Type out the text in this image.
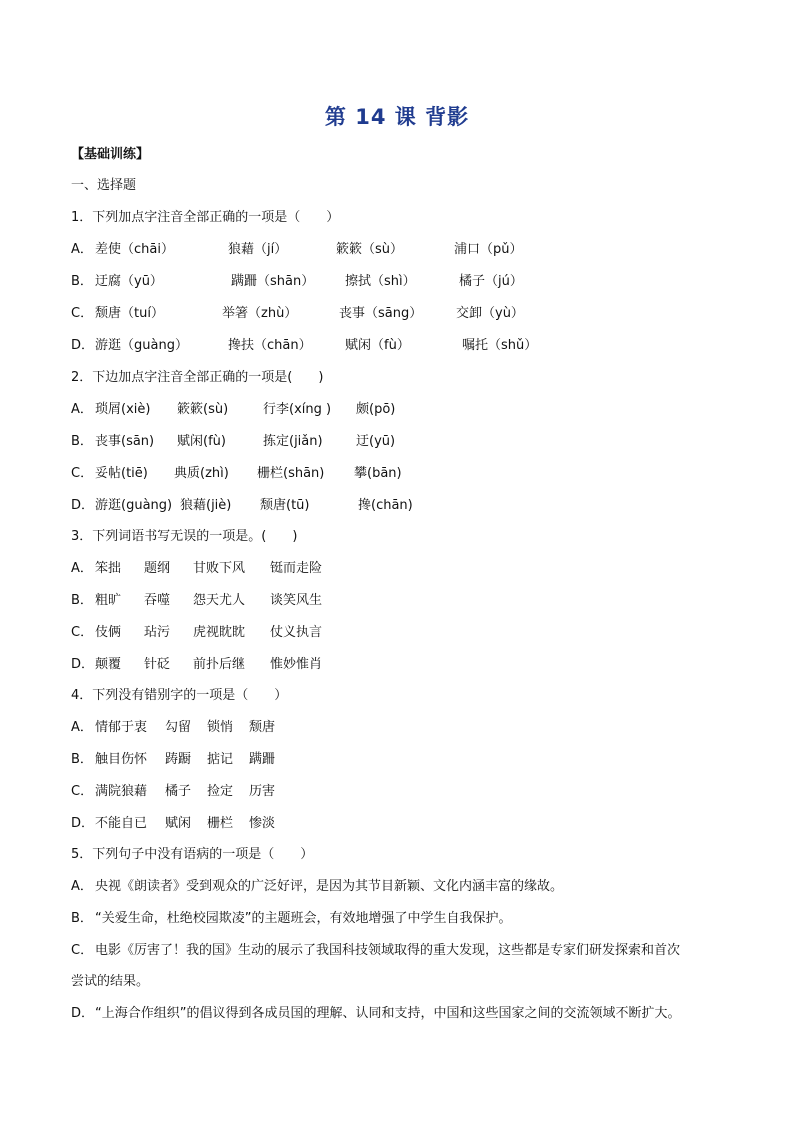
第 14 课 背影
【基础训练】
一、选择题
1．下列加点字注音全部正确的一项是（　　）
A． 差使（chāi）	狼藉（jí）	簌簌（sù）	浦口（pǔ）
B． 迂腐（yū）	蹒跚（shān） 擦拭（shì）	橘子（jú）
C． 颓唐（tuí）	举箸（zhù）	丧事（sāng）	交卸（yù）
D． 游逛（guàng）	搀扶（chān）	赋闲（fù）	嘱托（shǔ）
2．下边加点字注音全部正确的一项是(　　)
A． 琐屑(xiè) 簌簌(sù)	行李(xíng ) 颇(pō)
B． 丧事(sān) 赋闲(fù)	拣定(jiǎn)	迂(yū)
C． 妥帖(tiē) 典质(zhì) 栅栏(shān) 攀(bān)
D． 游逛(guàng) 狼藉(jiè) 颓唐(tū)	搀(chān)
3．下列词语书写无误的一项是。(　　)
A． 笨拙 题纲 甘败下风 铤而走险
B． 粗旷 吞噬 怨天尤人 谈笑风生
C． 伎俩 玷污 虎视眈眈 仗义执言
D． 颠覆 针砭 前扑后继 惟妙惟肖
4．下列没有错别字的一项是（　　）
A． 情郁于衷 勾留 锁悄 颓唐
B． 触目伤怀 踌蹰 掂记 蹒跚
C． 满院狼藉 橘子 捡定 历害
D． 不能自已 赋闲 栅栏 惨淡
5．下列句子中没有语病的一项是（　　）
A． 央视《朗读者》受到观众的广泛好评，是因为其节目新颖、文化内涵丰富的缘故。
B． “关爱生命，杜绝校园欺凌”的主题班会，有效地增强了中学生自我保护。
C． 电影《厉害了！我的国》生动的展示了我国科技领域取得的重大发现，这些都是专家们研发探索和首次
尝试的结果。
D． “上海合作组织”的倡议得到各成员国的理解、认同和支持，中国和这些国家之间的交流领域不断扩大。
